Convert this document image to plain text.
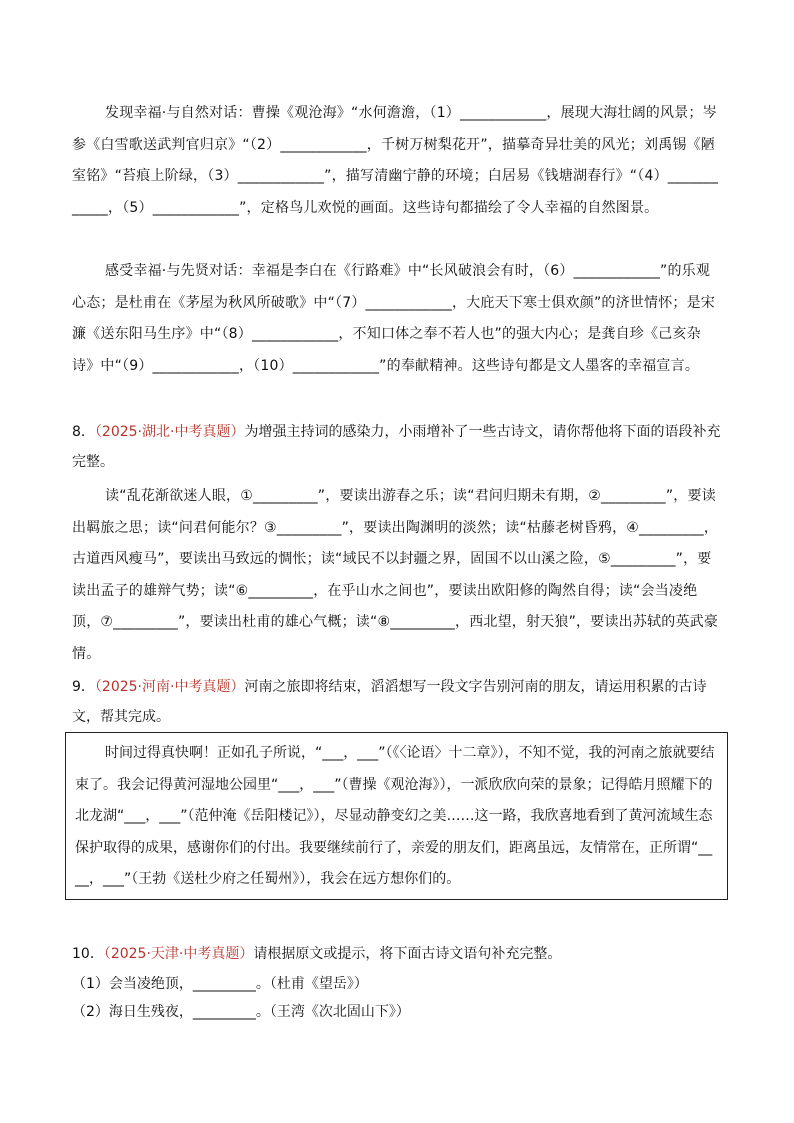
发现幸福·与自然对话：曹操《观沧海》“水何澹澹，（1）____________，展现大海壮阔的风景；岑参《白雪歌送武判官归京》“（2）____________，千树万树梨花开”，描摹奇异壮美的风光；刘禹锡《陋室铭》“苔痕上阶绿，（3）____________”，描写清幽宁静的环境；白居易《钱塘湖春行》“（4）____________，（5）____________”，定格鸟儿欢悦的画面。这些诗句都描绘了令人幸福的自然图景。
感受幸福·与先贤对话：幸福是李白在《行路难》中“长风破浪会有时，（6）____________”的乐观心态；是杜甫在《茅屋为秋风所破歌》中“（7）____________，大庇天下寒士俱欢颜”的济世情怀；是宋濂《送东阳马生序》中“（8）____________，不知口体之奉不若人也”的强大内心；是龚自珍《己亥杂诗》中“（9）____________，（10）____________”的奉献精神。这些诗句都是文人墨客的幸福宣言。
8．（2025·湖北·中考真题）为增强主持词的感染力，小雨增补了一些古诗文，请你帮他将下面的语段补充完整。
读“乱花渐欲迷人眼，①_________”，要读出游春之乐；读“君问归期未有期，②_________”，要读出羁旅之思；读“问君何能尔？③_________”，要读出陶渊明的淡然；读“枯藤老树昏鸦，④_________，古道西风瘦马”，要读出马致远的惆怅；读“域民不以封疆之界，固国不以山溪之险，⑤_________”，要读出孟子的雄辩气势；读“⑥_________，在乎山水之间也”，要读出欧阳修的陶然自得；读“会当凌绝顶，⑦_________”，要读出杜甫的雄心气概；读“⑧_________，西北望，射天狼”，要读出苏轼的英武豪情。
9．（2025·河南·中考真题）河南之旅即将结束，滔滔想写一段文字告别河南的朋友，请运用积累的古诗文，帮其完成。
时间过得真快啊！正如孔子所说，“___，___”（《〈论语〉十二章》），不知不觉，我的河南之旅就要结束了。我会记得黄河湿地公园里“___，___”（曹操《观沧海》），一派欣欣向荣的景象；记得皓月照耀下的北龙湖“___，___”（范仲淹《岳阳楼记》），尽显动静变幻之美……这一路，我欣喜地看到了黄河流域生态保护取得的成果，感谢你们的付出。我要继续前行了，亲爱的朋友们，距离虽远，友情常在，正所谓“____，___”（王勃《送杜少府之任蜀州》），我会在远方想你们的。
10．（2025·天津·中考真题）请根据原文或提示，将下面古诗文语句补充完整。
（1）会当凌绝顶，_________。（杜甫《望岳》）
（2）海日生残夜，_________。（王湾《次北固山下》）
